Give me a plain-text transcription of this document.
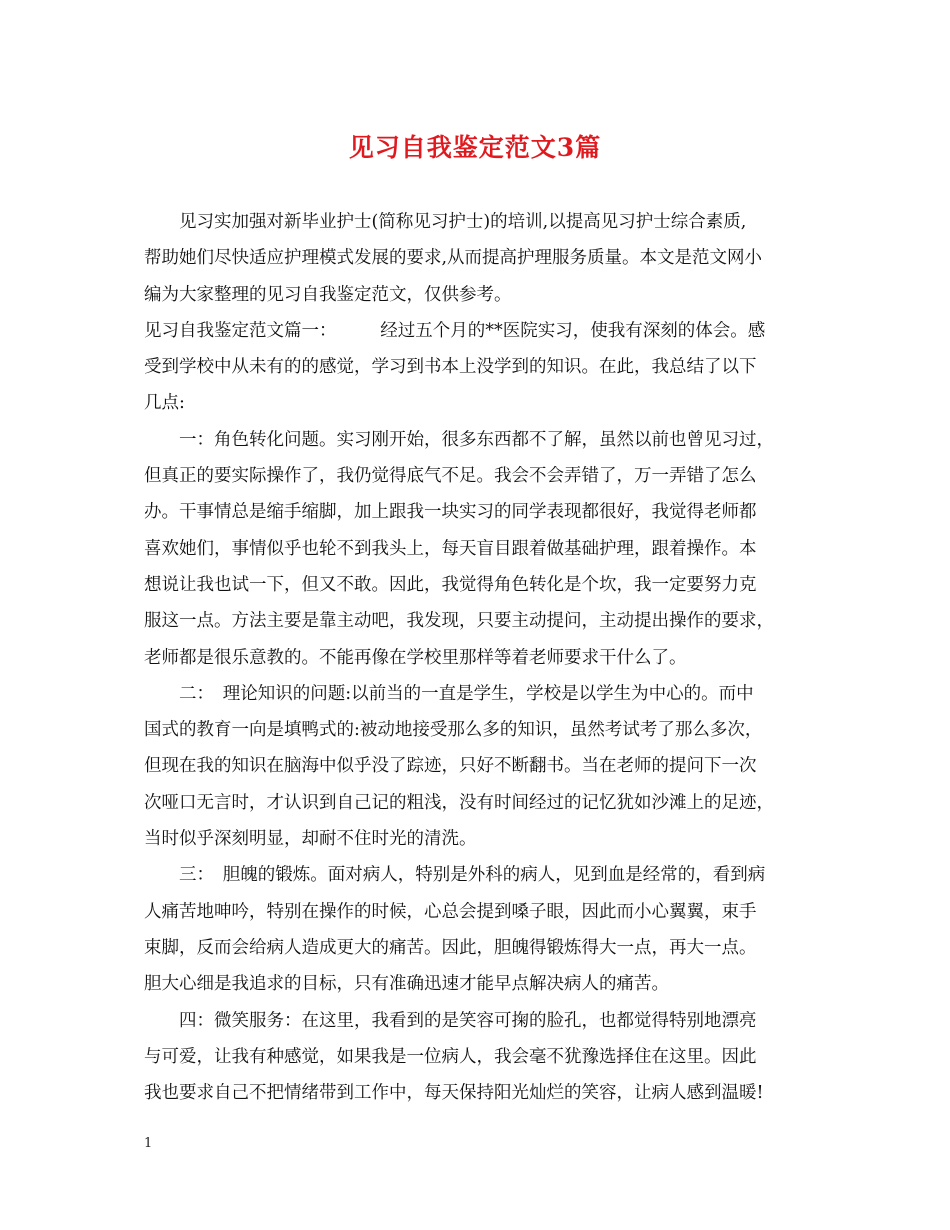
见习自我鉴定范文3篇
见习实加强对新毕业护士(简称见习护士)的培训,以提高见习护士综合素质,
帮助她们尽快适应护理模式发展的要求,从而提高护理服务质量。本文是范文网小
编为大家整理的见习自我鉴定范文，仅供参考。
见习自我鉴定范文篇一：　　　经过五个月的**医院实习，使我有深刻的体会。感
受到学校中从未有的的感觉，学习到书本上没学到的知识。在此，我总结了以下
几点:
一：角色转化问题。实习刚开始，很多东西都不了解，虽然以前也曾见习过，
但真正的要实际操作了，我仍觉得底气不足。我会不会弄错了，万一弄错了怎么
办。干事情总是缩手缩脚，加上跟我一块实习的同学表现都很好，我觉得老师都
喜欢她们，事情似乎也轮不到我头上，每天盲目跟着做基础护理，跟着操作。本
想说让我也试一下，但又不敢。因此，我觉得角色转化是个坎，我一定要努力克
服这一点。方法主要是靠主动吧，我发现，只要主动提问，主动提出操作的要求，
老师都是很乐意教的。不能再像在学校里那样等着老师要求干什么了。
二：　理论知识的问题:以前当的一直是学生，学校是以学生为中心的。而中
国式的教育一向是填鸭式的:被动地接受那么多的知识，虽然考试考了那么多次，
但现在我的知识在脑海中似乎没了踪迹，只好不断翻书。当在老师的提问下一次
次哑口无言时，才认识到自己记的粗浅，没有时间经过的记忆犹如沙滩上的足迹，
当时似乎深刻明显，却耐不住时光的清洗。
三：　胆魄的锻炼。面对病人，特别是外科的病人，见到血是经常的，看到病
人痛苦地呻吟，特别在操作的时候，心总会提到嗓子眼，因此而小心翼翼，束手
束脚，反而会给病人造成更大的痛苦。因此，胆魄得锻炼得大一点，再大一点。
胆大心细是我追求的目标，只有准确迅速才能早点解决病人的痛苦。
四：微笑服务：在这里，我看到的是笑容可掬的脸孔，也都觉得特别地漂亮
与可爱，让我有种感觉，如果我是一位病人，我会毫不犹豫选择住在这里。因此
我也要求自己不把情绪带到工作中，每天保持阳光灿烂的笑容，让病人感到温暖!
1
